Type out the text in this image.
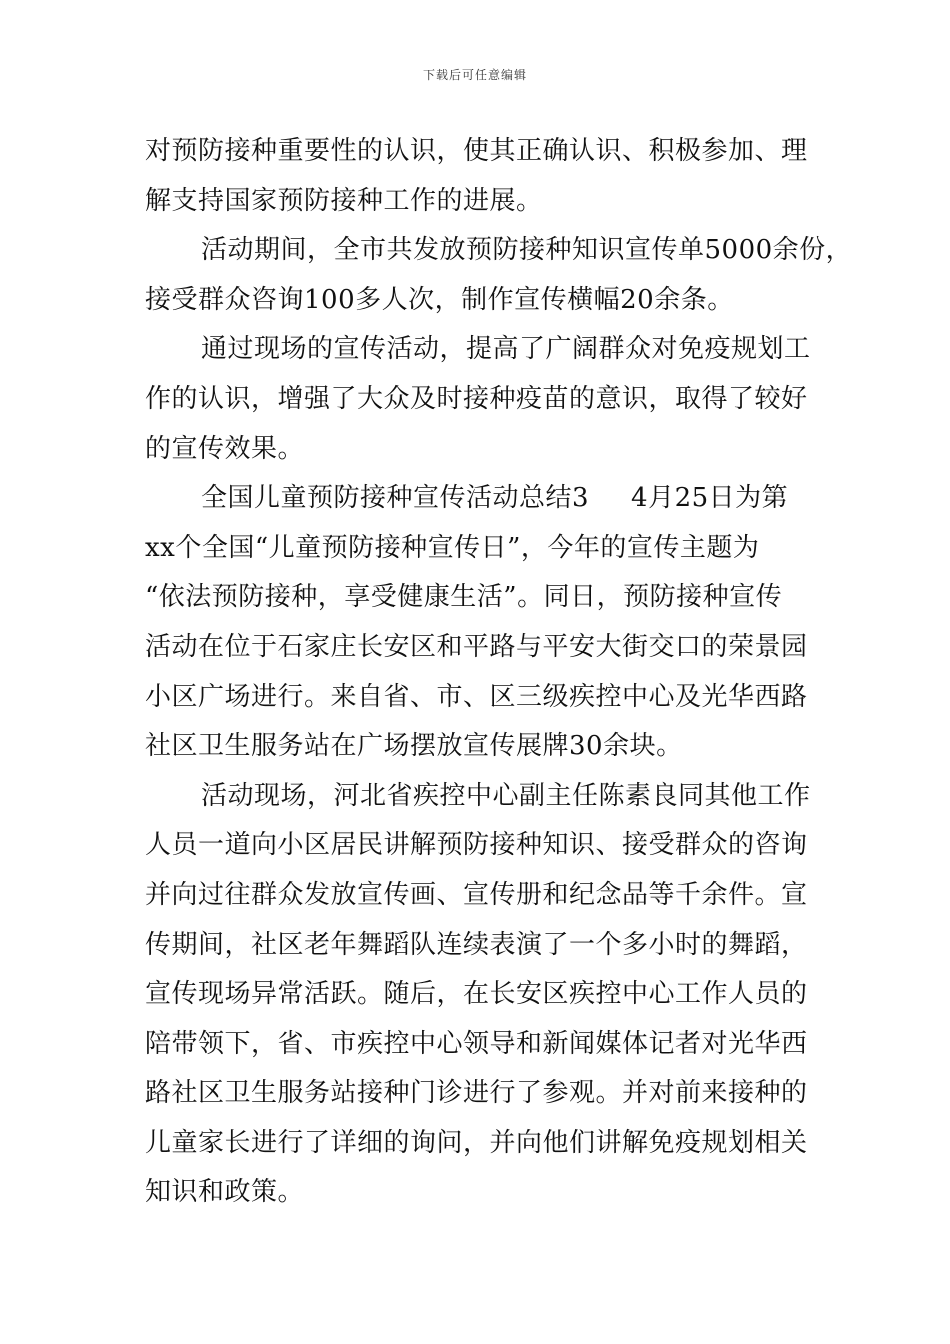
下载后可任意编辑
对预防接种重要性的认识，使其正确认识、积极参加、理
解支持国家预防接种工作的进展。
活动期间，全市共发放预防接种知识宣传单5000余份，
接受群众咨询100多人次，制作宣传横幅20余条。
通过现场的宣传活动，提高了广阔群众对免疫规划工
作的认识，增强了大众及时接种疫苗的意识，取得了较好
的宣传效果。
全国儿童预防接种宣传活动总结3 4月25日为第
xx个全国“儿童预防接种宣传日”，今年的宣传主题为
“依法预防接种，享受健康生活”。同日，预防接种宣传
活动在位于石家庄长安区和平路与平安大街交口的荣景园
小区广场进行。来自省、市、区三级疾控中心及光华西路
社区卫生服务站在广场摆放宣传展牌30余块。
活动现场，河北省疾控中心副主任陈素良同其他工作
人员一道向小区居民讲解预防接种知识、接受群众的咨询
并向过往群众发放宣传画、宣传册和纪念品等千余件。宣
传期间，社区老年舞蹈队连续表演了一个多小时的舞蹈，
宣传现场异常活跃。随后，在长安区疾控中心工作人员的
陪带领下，省、市疾控中心领导和新闻媒体记者对光华西
路社区卫生服务站接种门诊进行了参观。并对前来接种的
儿童家长进行了详细的询问，并向他们讲解免疫规划相关
知识和政策。
